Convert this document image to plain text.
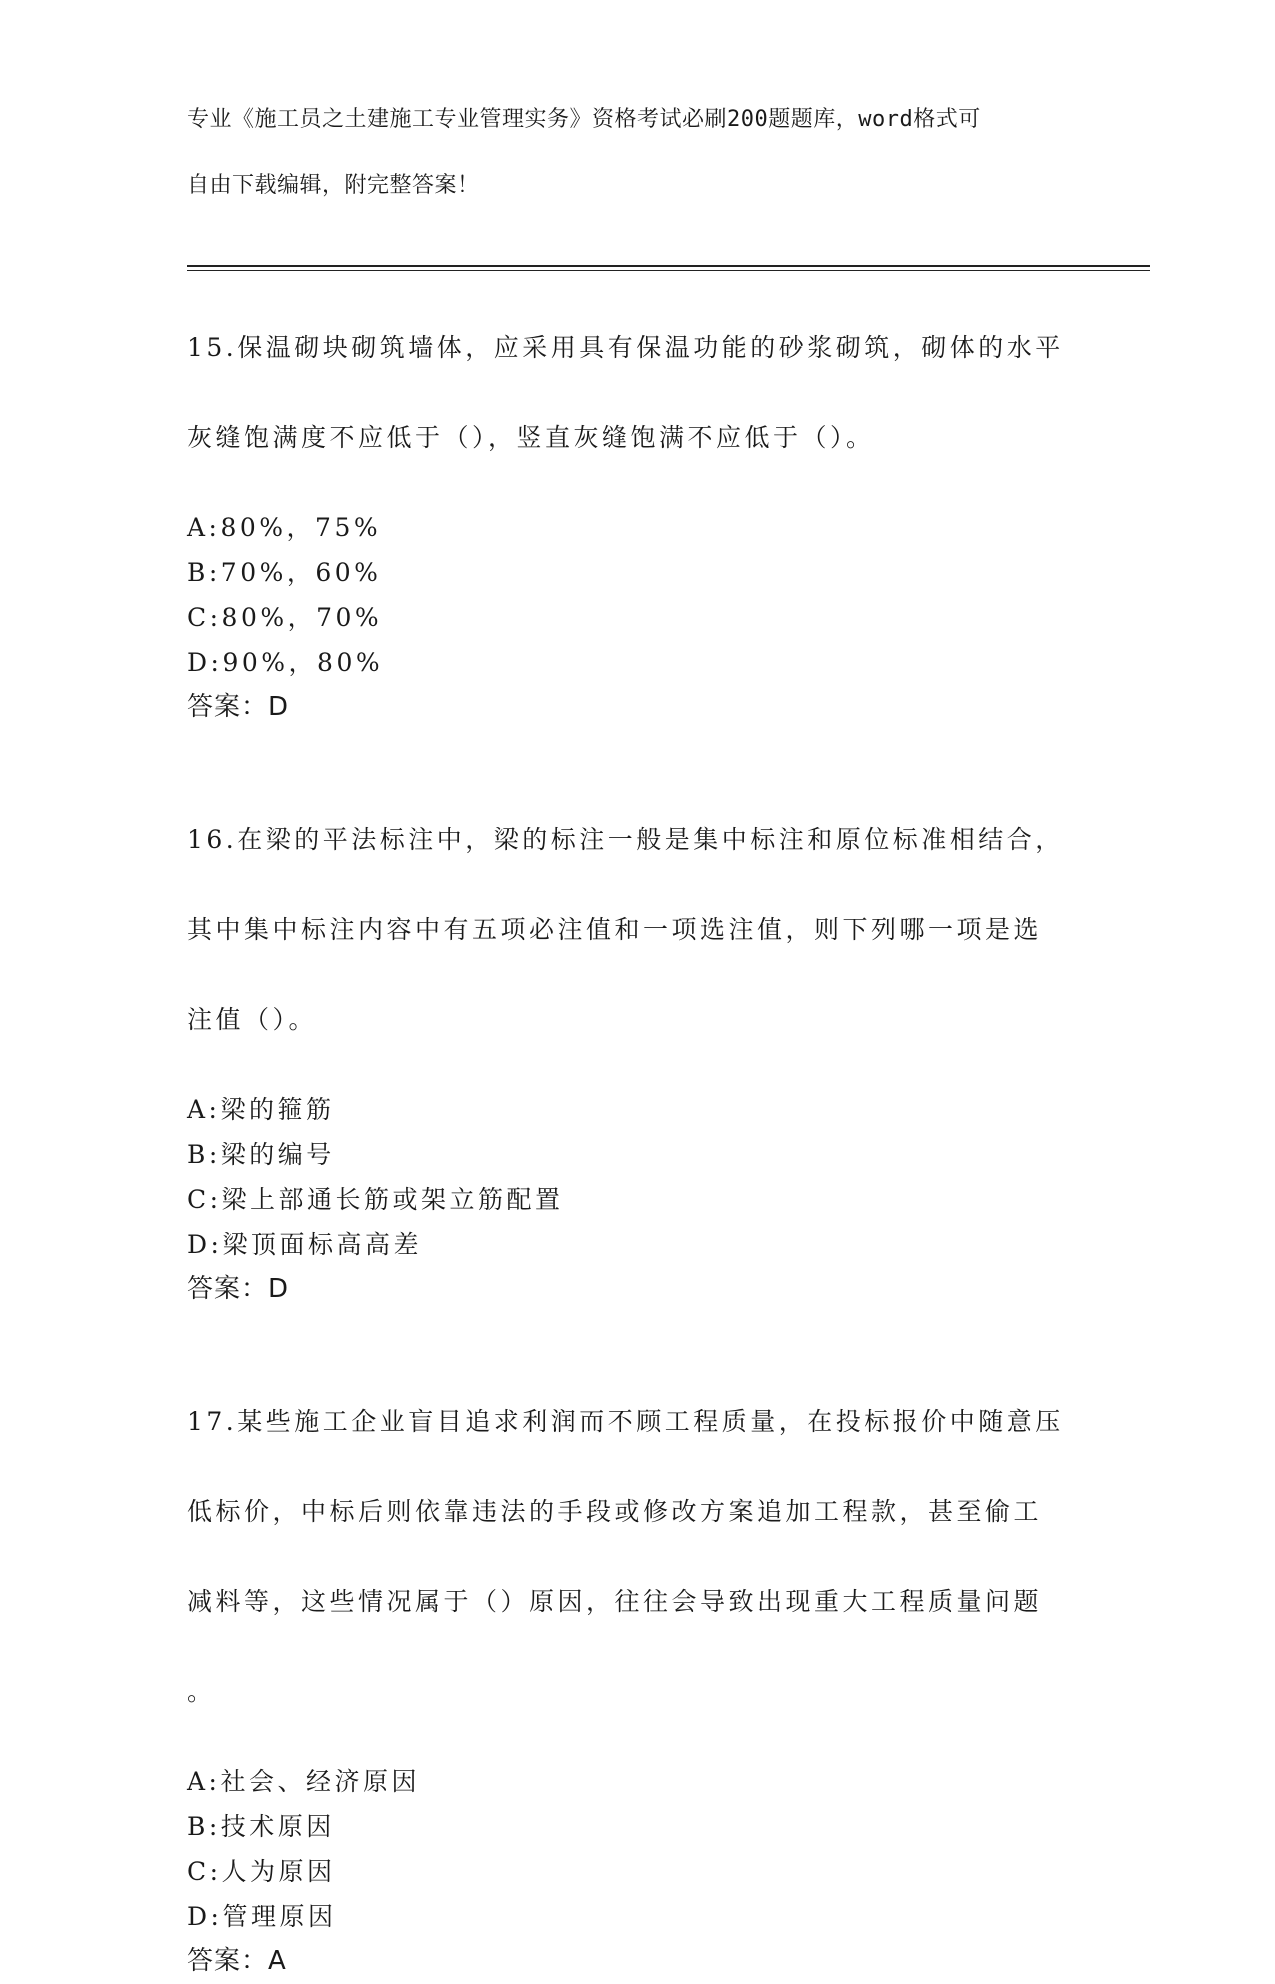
专业《施工员之土建施工专业管理实务》资格考试必刷200题题库，word格式可

自由下载编辑，附完整答案！

15.保温砌块砌筑墙体，应采用具有保温功能的砂浆砌筑，砌体的水平

灰缝饱满度不应低于（），竖直灰缝饱满不应低于（）。

A:80%，75%
B:70%，60%
C:80%，70%
D:90%，80%
答案：D

16.在梁的平法标注中，梁的标注一般是集中标注和原位标准相结合，

其中集中标注内容中有五项必注值和一项选注值，则下列哪一项是选

注值（）。

A:梁的箍筋
B:梁的编号
C:梁上部通长筋或架立筋配置
D:梁顶面标高高差
答案：D

17.某些施工企业盲目追求利润而不顾工程质量，在投标报价中随意压

低标价，中标后则依靠违法的手段或修改方案追加工程款，甚至偷工

减料等，这些情况属于（）原因，往往会导致出现重大工程质量问题

。

A:社会、经济原因
B:技术原因
C:人为原因
D:管理原因
答案：A
